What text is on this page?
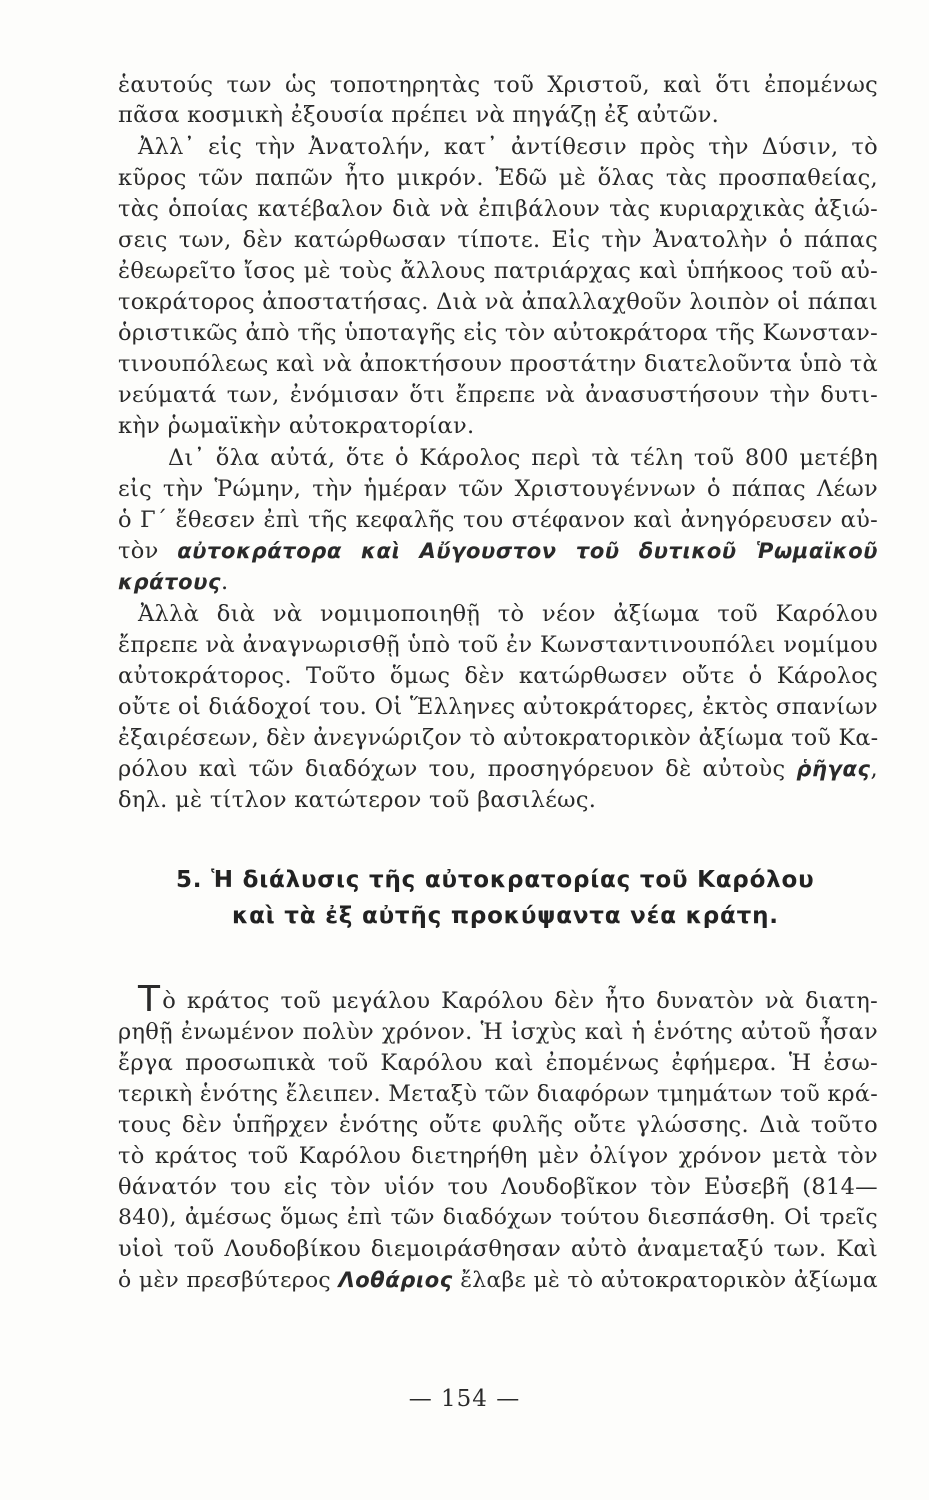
ἑαυτούς των ὡς τοποτηρητὰς τοῦ Χριστοῦ, καὶ ὅτι ἐπομένως
πᾶσα κοσμικὴ ἐξουσία πρέπει νὰ πηγάζῃ ἐξ αὐτῶν.
Ἀλλ᾽ εἰς τὴν Ἀνατολήν, κατ᾽ ἀντίθεσιν πρὸς τὴν Δύσιν, τὸ
κῦρος τῶν παπῶν ἦτο μικρόν. Ἐδῶ μὲ ὅλας τὰς προσπαθείας,
τὰς ὁποίας κατέβαλον διὰ νὰ ἐπιβάλουν τὰς κυριαρχικὰς ἀξιώ-
σεις των, δὲν κατώρθωσαν τίποτε. Εἰς τὴν Ἀνατολὴν ὁ πάπας
ἐθεωρεῖτο ἴσος μὲ τοὺς ἄλλους πατριάρχας καὶ ὑπήκοος τοῦ αὐ-
τοκράτορος ἀποστατήσας. Διὰ νὰ ἀπαλλαχθοῦν λοιπὸν οἱ πάπαι
ὁριστικῶς ἀπὸ τῆς ὑποταγῆς εἰς τὸν αὐτοκράτορα τῆς Κωνσταν-
τινουπόλεως καὶ νὰ ἀποκτήσουν προστάτην διατελοῦντα ὑπὸ τὰ
νεύματά των, ἐνόμισαν ὅτι ἔπρεπε νὰ ἀνασυστήσουν τὴν δυτι-
κὴν ῥωμαϊκὴν αὐτοκρατορίαν.
Δι᾽ ὅλα αὐτά, ὅτε ὁ Κάρολος περὶ τὰ τέλη τοῦ 800 μετέβη
εἰς τὴν Ῥώμην, τὴν ἡμέραν τῶν Χριστουγέννων ὁ πάπας Λέων
ὁ Γ΄ ἔθεσεν ἐπὶ τῆς κεφαλῆς του στέφανον καὶ ἀνηγόρευσεν αὐ-
τὸν αὐτοκράτορα καὶ Αὔγουστον τοῦ δυτικοῦ Ῥωμαϊκοῦ
κράτους.
Ἀλλὰ διὰ νὰ νομιμοποιηθῇ τὸ νέον ἀξίωμα τοῦ Καρόλου
ἔπρεπε νὰ ἀναγνωρισθῇ ὑπὸ τοῦ ἐν Κωνσταντινουπόλει νομίμου
αὐτοκράτορος. Τοῦτο ὅμως δὲν κατώρθωσεν οὔτε ὁ Κάρολος
οὔτε οἱ διάδοχοί του. Οἱ Ἕλληνες αὐτοκράτορες, ἐκτὸς σπανίων
ἐξαιρέσεων, δὲν ἀνεγνώριζον τὸ αὐτοκρατορικὸν ἀξίωμα τοῦ Κα-
ρόλου καὶ τῶν διαδόχων του, προσηγόρευον δὲ αὐτοὺς ῥῆγας,
δηλ. μὲ τίτλον κατώτερον τοῦ βασιλέως.
5. Ἡ διάλυσις τῆς αὐτοκρατορίας τοῦ Καρόλου
καὶ τὰ ἐξ αὐτῆς προκύψαντα νέα κράτη.
Τὸ κράτος τοῦ μεγάλου Καρόλου δὲν ἦτο δυνατὸν νὰ διατη-
ρηθῇ ἐνωμένον πολὺν χρόνον. Ἡ ἰσχὺς καὶ ἡ ἑνότης αὐτοῦ ἦσαν
ἔργα προσωπικὰ τοῦ Καρόλου καὶ ἐπομένως ἐφήμερα. Ἡ ἐσω-
τερικὴ ἑνότης ἔλειπεν. Μεταξὺ τῶν διαφόρων τμημάτων τοῦ κρά-
τους δὲν ὑπῆρχεν ἑνότης οὔτε φυλῆς οὔτε γλώσσης. Διὰ τοῦτο
τὸ κράτος τοῦ Καρόλου διετηρήθη μὲν ὀλίγον χρόνον μετὰ τὸν
θάνατόν του εἰς τὸν υἱόν του Λουδοβῖκον τὸν Εὐσεβῆ (814—
840), ἀμέσως ὅμως ἐπὶ τῶν διαδόχων τούτου διεσπάσθη. Οἱ τρεῖς
υἱοὶ τοῦ Λουδοβίκου διεμοιράσθησαν αὐτὸ ἀναμεταξύ των. Καὶ
ὁ μὲν πρεσβύτερος Λοθάριος ἔλαβε μὲ τὸ αὐτοκρατορικὸν ἀξίωμα
— 154 —
